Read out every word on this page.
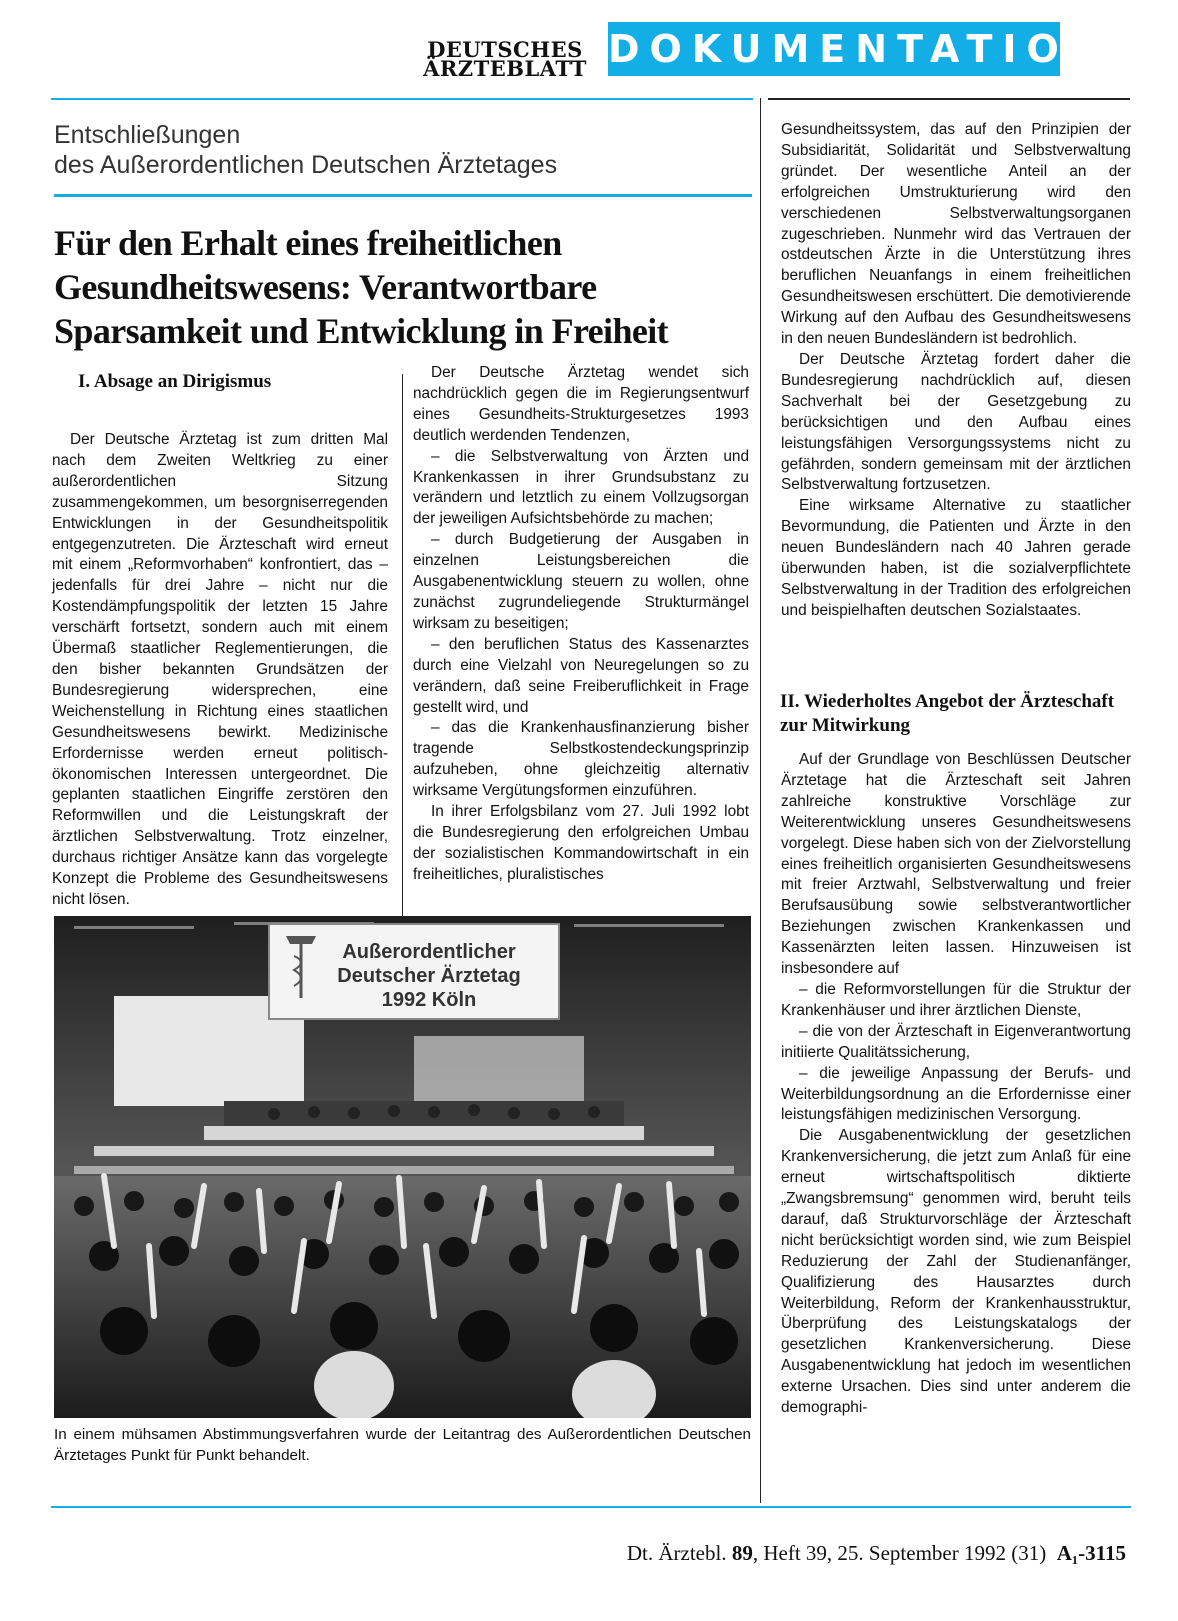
DEUTSCHES
ÄRZTEBLATT DOKUMENTATION
Entschließungen
des Außerordentlichen Deutschen Ärztetages
Für den Erhalt eines freiheitlichen
Gesundheitswesens: Verantwortbare
Sparsamkeit und Entwicklung in Freiheit
I. Absage an Dirigismus

Der Deutsche Ärztetag ist zum dritten Mal nach dem Zweiten Weltkrieg zu einer außerordentlichen Sitzung zusammengekommen, um besorgniserregenden Entwicklungen in der Gesundheitspolitik entgegenzutreten. Die Ärzteschaft wird erneut mit einem „Reformvorhaben“ konfrontiert, das – jedenfalls für drei Jahre – nicht nur die Kostendämpfungspolitik der letzten 15 Jahre verschärft fortsetzt, sondern auch mit einem Übermaß staatlicher Reglementierungen, die den bisher bekannten Grundsätzen der Bundesregierung widersprechen, eine Weichenstellung in Richtung eines staatlichen Gesundheitswesens bewirkt. Medizinische Erfordernisse werden erneut politisch-ökonomischen Interessen untergeordnet. Die geplanten staatlichen Eingriffe zerstören den Reformwillen und die Leistungskraft der ärztlichen Selbstverwaltung. Trotz einzelner, durchaus richtiger Ansätze kann das vorgelegte Konzept die Probleme des Gesundheitswesens nicht lösen.

Der Deutsche Ärztetag wendet sich nachdrücklich gegen die im Regierungsentwurf eines Gesundheits-Strukturgesetzes 1993 deutlich werdenden Tendenzen,

– die Selbstverwaltung von Ärzten und Krankenkassen in ihrer Grundsubstanz zu verändern und letztlich zu einem Vollzugsorgan der jeweiligen Aufsichtsbehörde zu machen;

– durch Budgetierung der Ausgaben in einzelnen Leistungsbereichen die Ausgabenentwicklung steuern zu wollen, ohne zunächst zugrundeliegende Strukturmängel wirksam zu beseitigen;

– den beruflichen Status des Kassenarztes durch eine Vielzahl von Neuregelungen so zu verändern, daß seine Freiberuflichkeit in Frage gestellt wird, und

– das die Krankenhausfinanzierung bisher tragende Selbstkostendeckungsprinzip aufzuheben, ohne gleichzeitig alternativ wirksame Vergütungsformen einzuführen.

In ihrer Erfolgsbilanz vom 27. Juli 1992 lobt die Bundesregierung den erfolgreichen Umbau der sozialistischen Kommandowirtschaft in ein freiheitliches, pluralistisches

Gesundheitssystem, das auf den Prinzipien der Subsidiarität, Solidarität und Selbstverwaltung gründet. Der wesentliche Anteil an der erfolgreichen Umstrukturierung wird den verschiedenen Selbstverwaltungsorganen zugeschrieben. Nunmehr wird das Vertrauen der ostdeutschen Ärzte in die Unterstützung ihres beruflichen Neuanfangs in einem freiheitlichen Gesundheitswesen erschüttert. Die demotivierende Wirkung auf den Aufbau des Gesundheitswesens in den neuen Bundesländern ist bedrohlich.

Der Deutsche Ärztetag fordert daher die Bundesregierung nachdrücklich auf, diesen Sachverhalt bei der Gesetzgebung zu berücksichtigen und den Aufbau eines leistungsfähigen Versorgungssystems nicht zu gefährden, sondern gemeinsam mit der ärztlichen Selbstverwaltung fortzusetzen.

Eine wirksame Alternative zu staatlicher Bevormundung, die Patienten und Ärzte in den neuen Bundesländern nach 40 Jahren gerade überwunden haben, ist die sozialverpflichtete Selbstverwaltung in der Tradition des erfolgreichen und beispielhaften deutschen Sozialstaates.

II. Wiederholtes Angebot der Ärzteschaft zur Mitwirkung

Auf der Grundlage von Beschlüssen Deutscher Ärztetage hat die Ärzteschaft seit Jahren zahlreiche konstruktive Vorschläge zur Weiterentwicklung unseres Gesundheitswesens vorgelegt. Diese haben sich von der Zielvorstellung eines freiheitlich organisierten Gesundheitswesens mit freier Arztwahl, Selbstverwaltung und freier Berufsausübung sowie selbstverantwortlicher Beziehungen zwischen Krankenkassen und Kassenärzten leiten lassen. Hinzuweisen ist insbesondere auf

– die Reformvorstellungen für die Struktur der Krankenhäuser und ihrer ärztlichen Dienste,

– die von der Ärzteschaft in Eigenverantwortung initiierte Qualitätssicherung,

– die jeweilige Anpassung der Berufs- und Weiterbildungsordnung an die Erfordernisse einer leistungsfähigen medizinischen Versorgung.

Die Ausgabenentwicklung der gesetzlichen Krankenversicherung, die jetzt zum Anlaß für eine erneut wirtschaftspolitisch diktierte „Zwangsbremsung“ genommen wird, beruht teils darauf, daß Strukturvorschläge der Ärzteschaft nicht berücksichtigt worden sind, wie zum Beispiel Reduzierung der Zahl der Studienanfänger, Qualifizierung des Hausarztes durch Weiterbildung, Reform der Krankenhausstruktur, Überprüfung des Leistungskatalogs der gesetzlichen Krankenversicherung. Diese Ausgabenentwicklung hat jedoch im wesentlichen externe Ursachen. Dies sind unter anderem die demographi-

Außerordentlicher
Deutscher Ärztetag
1992 Köln
In einem mühsamen Abstimmungsverfahren wurde der Leitantrag des Außerordentlichen Deutschen Ärztetages Punkt für Punkt behandelt.
Dt. Ärztebl. 89, Heft 39, 25. September 1992 (31) A₁-3115
